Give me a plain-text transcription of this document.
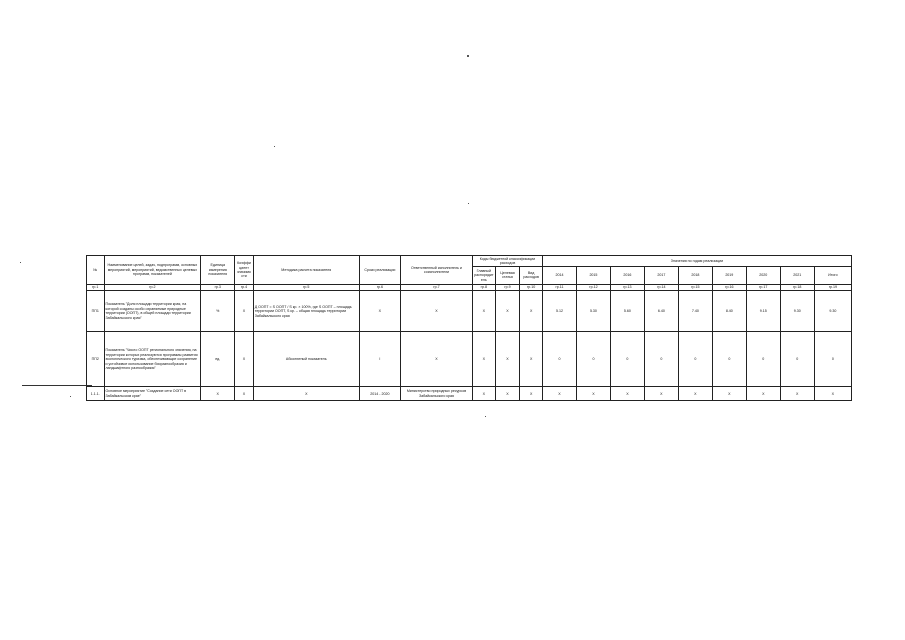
№	Наименование целей, задач, подпрограмм, основных мероприятий, мероприятий, ведомственных целевых программ, показателей	Единица измерения показателя	Коэффициент значимости	Методика расчета показателя	Сроки реализации	Ответственный исполнитель и соисполнители	Коды бюджетной классификации расходов			Значения по годам реализации								
							Главный распорядитель	Целевая статья	Вид расходов	2014	2015	2016	2017	2018	2019	2020	2021	Итого
гр.1	гр.2	гр.3	гр.4	гр.5	гр.6	гр.7	гр.8	гр.9	гр.10	гр.11	гр.12	гр.13	гр.14	гр.15	гр.16	гр.17	гр.18	гр.19
ПП1	Показатель "Доля площади территории края, на которой созданы особо охраняемые природные территории (ООПТ), в общей площади территории Забайкальского края"	%	X	Д ООПТ = S ООПТ / S кр. × 100%, где S ООПТ – площадь территории ООПТ, S кр. – общая площадь территории Забайкальского края	X	X	X	X	X	5.12	5.30	5.60	6.40	7.40	8.40	9.15	9.30	9.30
ПП2	Показатель "Число ООПТ регионального значения, на территории которых реализуются программы развития экологического туризма, обеспечивающие сохранение и устойчивое использование биоразнообразия и ландшафтного разнообразия"	ед.	X	Абсолютный показатель	I	X	X	X	X	0	0	0	0	0	0	0	0	0
1.1.1.	Основное мероприятие "Создание сети ООПТ в Забайкальском крае"	X	X	X	2014 - 2020	Министерство природных ресурсов Забайкальского края	X	X	X	X	X	X	X	X	X	X	X	X
